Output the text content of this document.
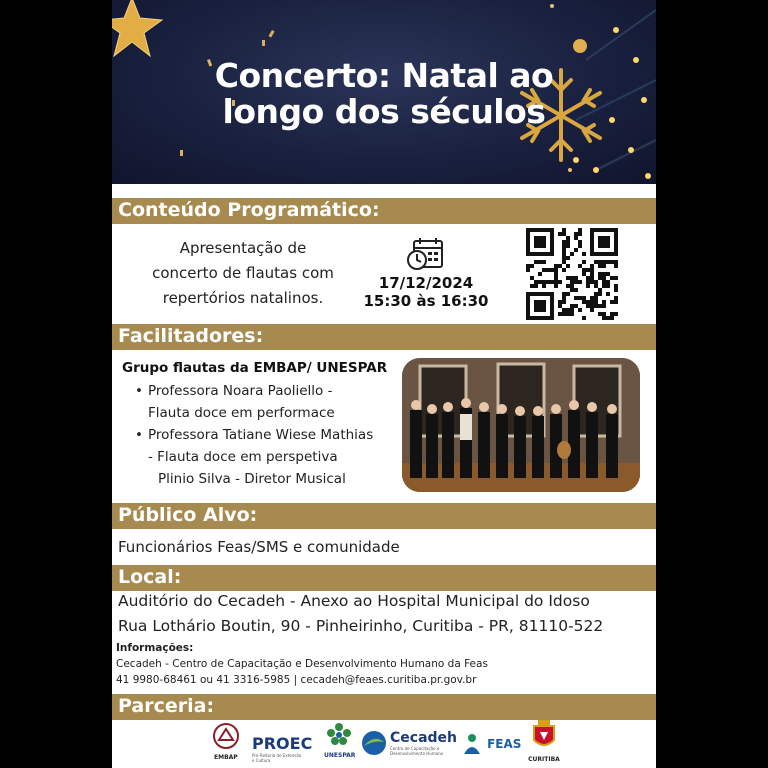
Concerto: Natal ao
longo dos séculos
Conteúdo Programático:
Apresentação de
concerto de flautas com
repertórios natalinos.
17/12/2024
15:30 às 16:30
Facilitadores:
Grupo flautas da EMBAP/ UNESPAR
• Professora Noara Paoliello -
Flauta doce em performace
• Professora Tatiane Wiese Mathias
- Flauta doce em perspetiva
Plinio Silva - Diretor Musical
Público Alvo:
Funcionários Feas/SMS e comunidade
Local:
Auditório do Cecadeh - Anexo ao Hospital Municipal do Idoso
Rua Lothário Boutin, 90 - Pinheirinho, Curitiba - PR, 81110-522
Informações:
Cecadeh - Centro de Capacitação e Desenvolvimento Humano da Feas
41 9980-68461 ou 41 3316-5985 | cecadeh@feaes.curitiba.pr.gov.br
Parceria:
EMBAP
PROEC
Pró-Reitoria de Extensão
e Cultura
UNESPAR
Cecadeh
Centro de Capacitação e
Desenvolvimento Humano
FEAS
CURITIBA
